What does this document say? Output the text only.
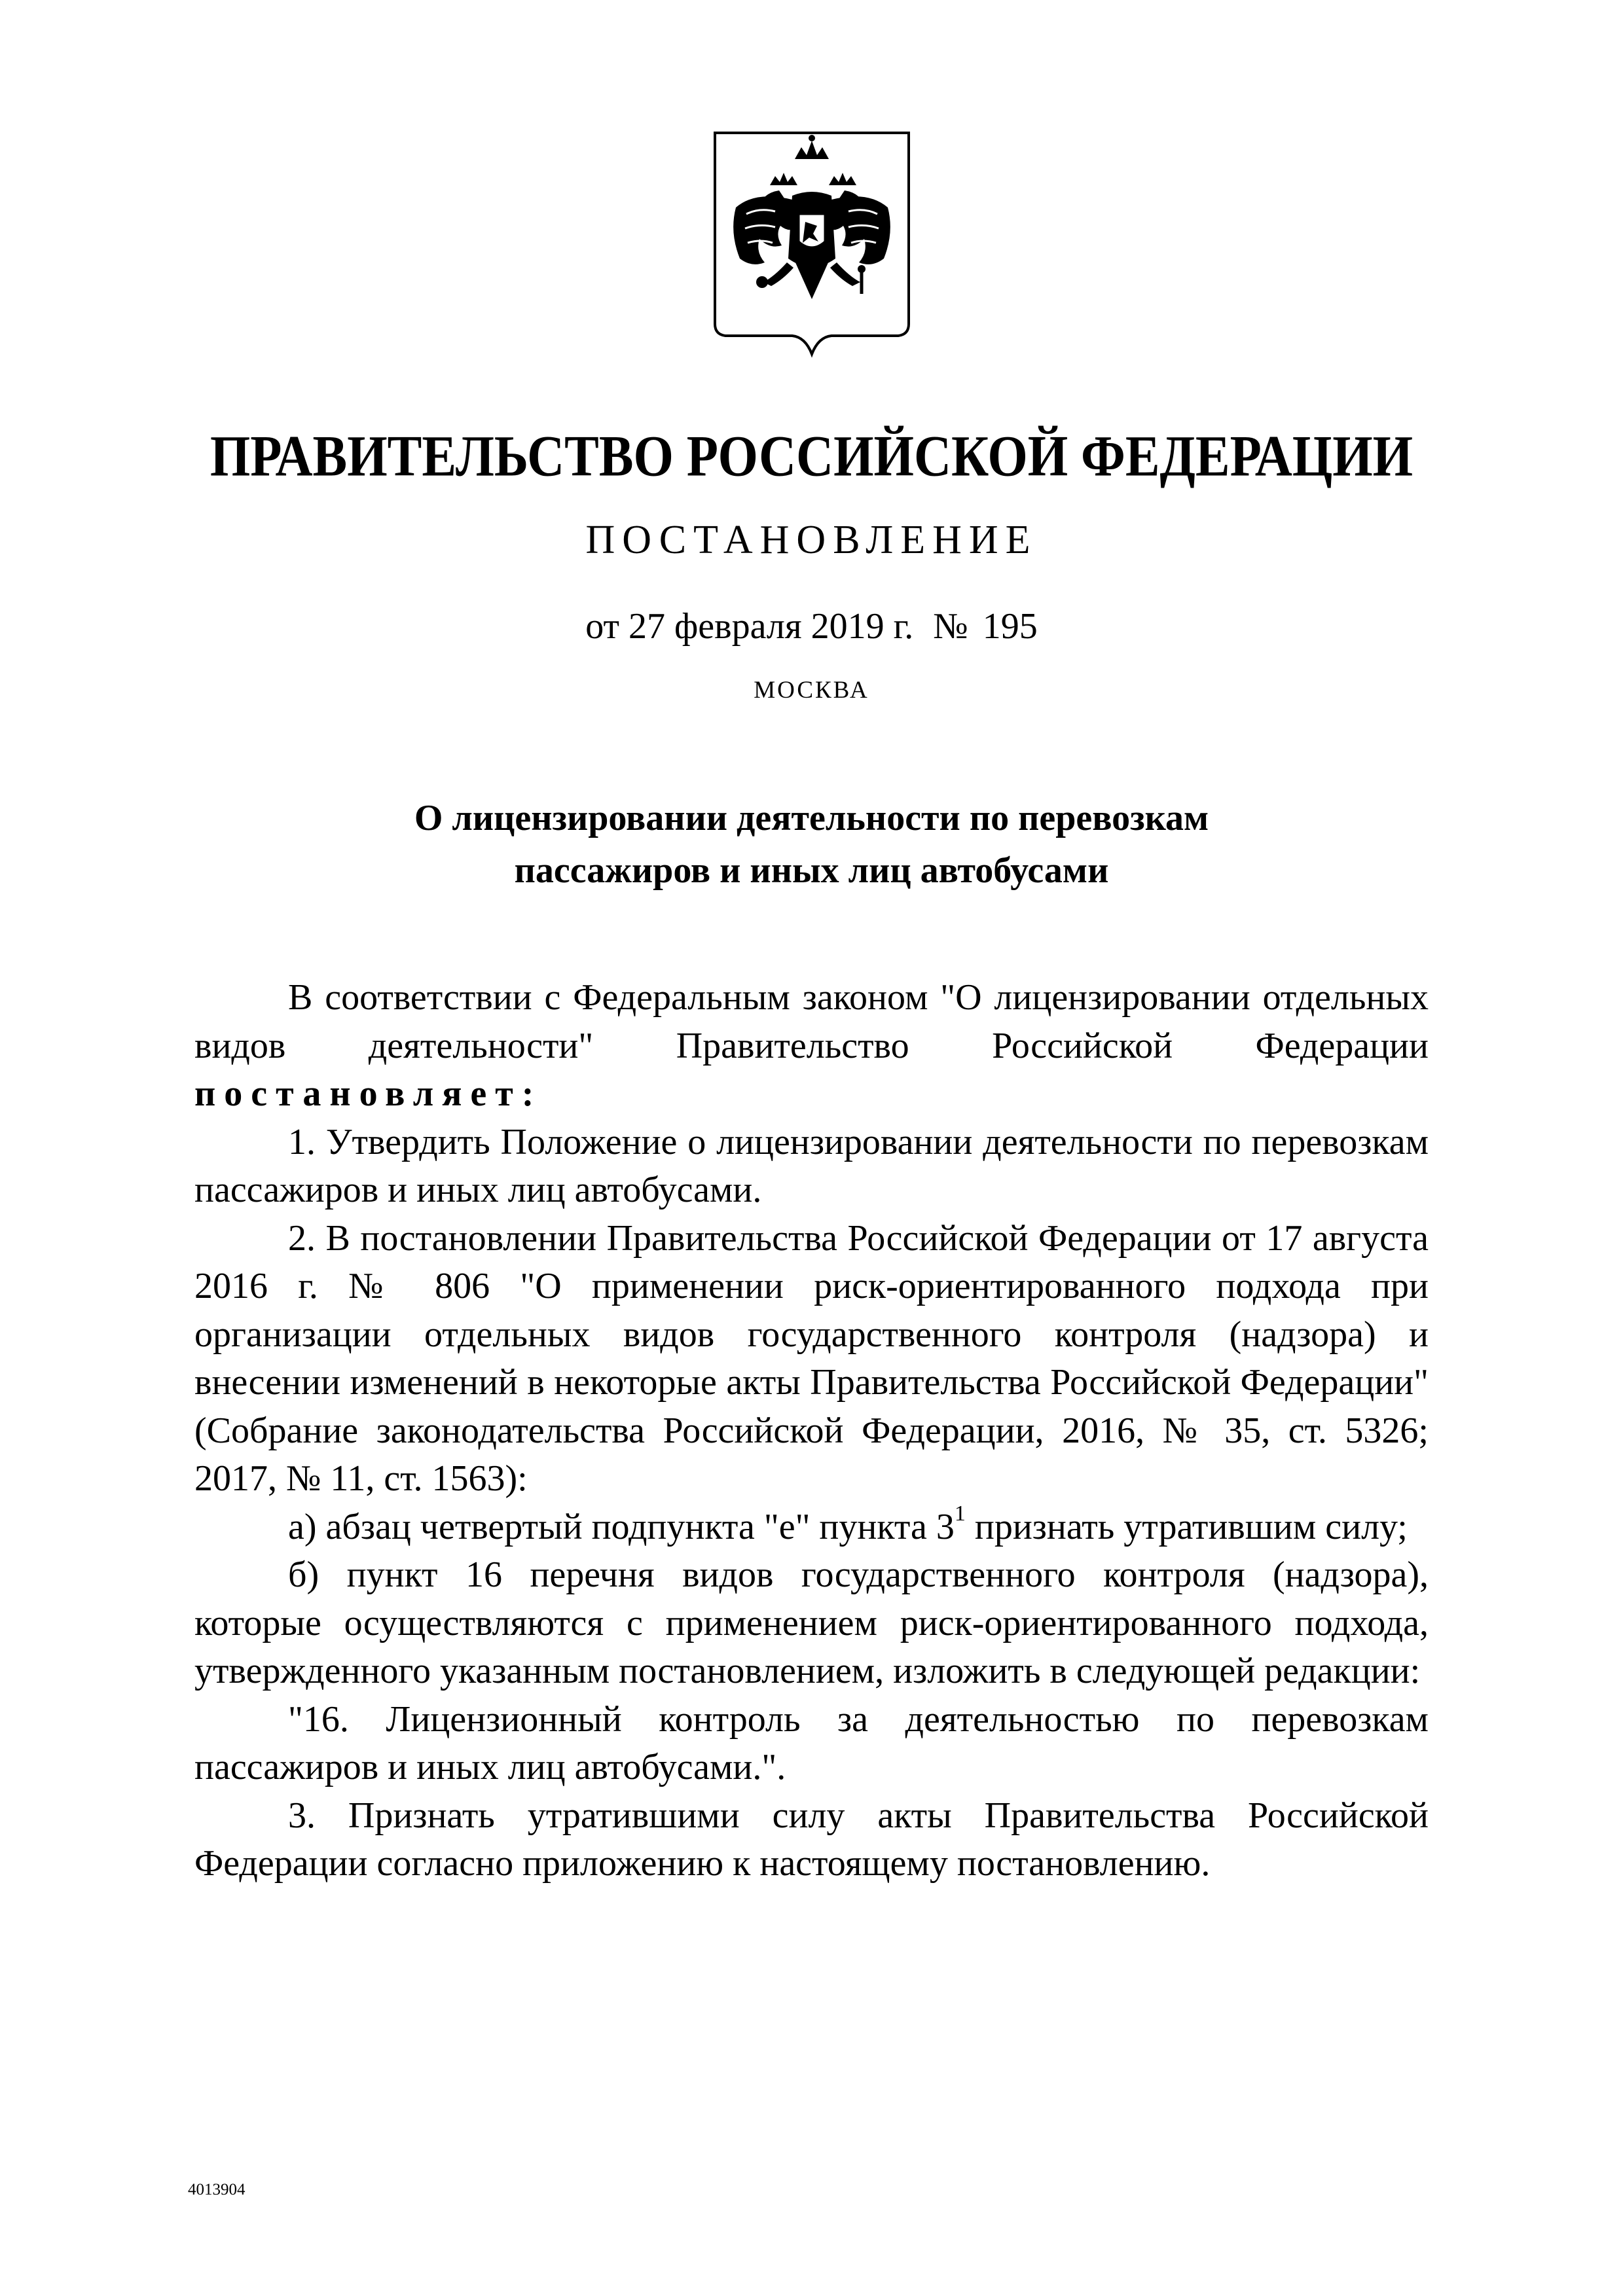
ПРАВИТЕЛЬСТВО РОССИЙСКОЙ ФЕДЕРАЦИИ
ПОСТАНОВЛЕНИЕ
от 27 февраля 2019 г. № 195
МОСКВА
О лицензировании деятельности по перевозкам
пассажиров и иных лиц автобусами

В соответствии с Федеральным законом "О лицензировании отдельных видов деятельности" Правительство Российской Федерации постановляет:

1. Утвердить Положение о лицензировании деятельности по перевозкам пассажиров и иных лиц автобусами.

2. В постановлении Правительства Российской Федерации от 17 августа 2016 г. № 806 "О применении риск-ориентированного подхода при организации отдельных видов государственного контроля (надзора) и внесении изменений в некоторые акты Правительства Российской Федерации" (Собрание законодательства Российской Федерации, 2016, № 35, ст. 5326; 2017, № 11, ст. 1563):

а) абзац четвертый подпункта "е" пункта $3^1$ признать утратившим силу;

б) пункт 16 перечня видов государственного контроля (надзора), которые осуществляются с применением риск-ориентированного подхода, утвержденного указанным постановлением, изложить в следующей редакции:

"16. Лицензионный контроль за деятельностью по перевозкам пассажиров и иных лиц автобусами.".

3. Признать утратившими силу акты Правительства Российской Федерации согласно приложению к настоящему постановлению.

4013904
